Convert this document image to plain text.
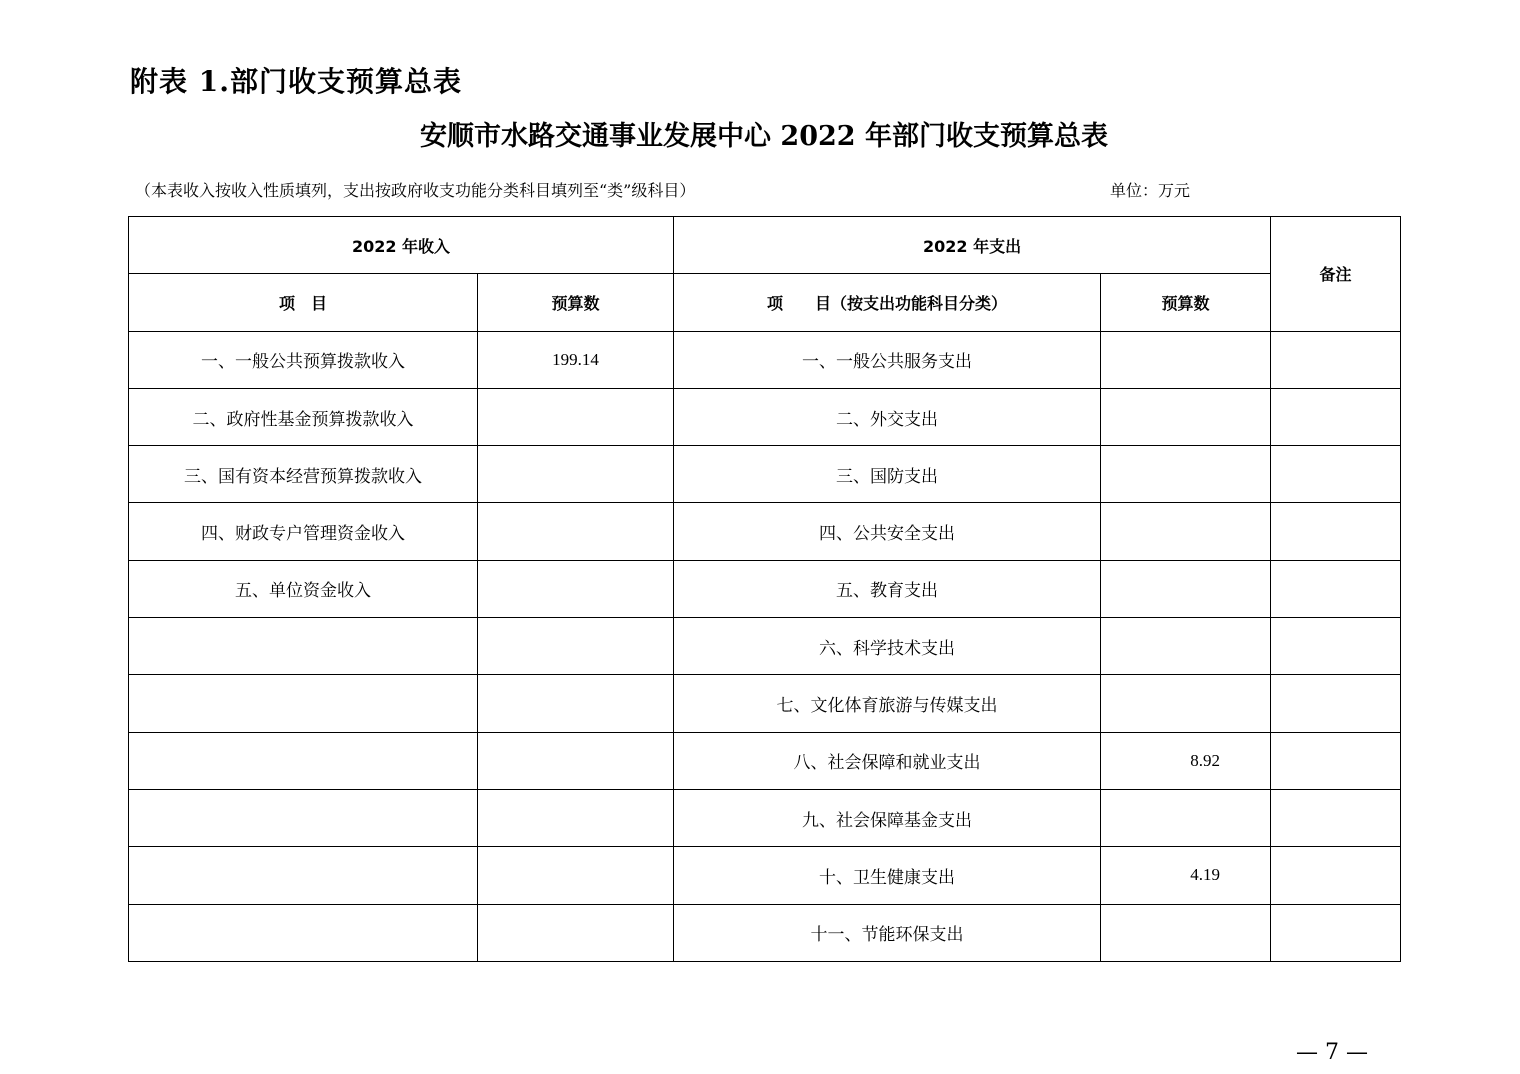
附表 1.部门收支预算总表
安顺市水路交通事业发展中心 2022 年部门收支预算总表
（本表收入按收入性质填列，支出按政府收支功能分类科目填列至“类”级科目）	单位：万元
2022 年收入		2022 年支出		备注
项　目	预算数	项　　目（按支出功能科目分类）	预算数	
一、一般公共预算拨款收入	199.14	一、一般公共服务支出		
二、政府性基金预算拨款收入		二、外交支出		
三、国有资本经营预算拨款收入		三、国防支出		
四、财政专户管理资金收入		四、公共安全支出		
五、单位资金收入		五、教育支出		
		六、科学技术支出		
		七、文化体育旅游与传媒支出		
		八、社会保障和就业支出	8.92	
		九、社会保障基金支出		
		十、卫生健康支出	4.19	
		十一、节能环保支出		
— 7 —
